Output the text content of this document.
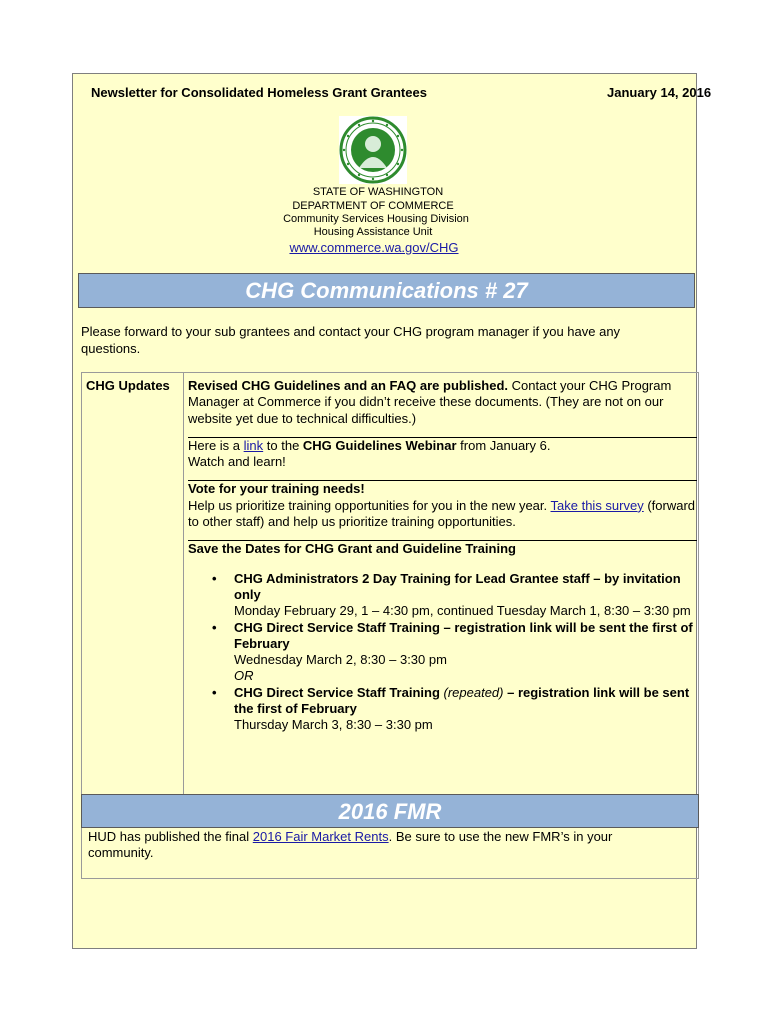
Newsletter for Consolidated Homeless Grant Grantees	January 14, 2016
STATE OF WASHINGTON
DEPARTMENT OF COMMERCE
Community Services Housing Division
Housing Assistance Unit
www.commerce.wa.gov/CHG
CHG Communications # 27
Please forward to your sub grantees and contact your CHG program manager if you have any questions.
CHG Updates Revised CHG Guidelines and an FAQ are published. Contact your CHG Program Manager at Commerce if you didn’t receive these documents. (They are not on our website yet due to technical difficulties.)

Here is a link to the CHG Guidelines Webinar from January 6.

Watch and learn!

Vote for your training needs!

Help us prioritize training opportunities for you in the new year. Take this survey (forward to other staff) and help us prioritize training opportunities.

Save the Dates for CHG Grant and Guideline Training

• CHG Administrators 2 Day Training for Lead Grantee staff – by invitation only
Monday February 29, 1 – 4:30 pm, continued Tuesday March 1, 8:30 – 3:30 pm
• CHG Direct Service Staff Training – registration link will be sent the first of February
Wednesday March 2, 8:30 – 3:30 pm
OR
• CHG Direct Service Staff Training (repeated) – registration link will be sent the first of February
Thursday March 3, 8:30 – 3:30 pm
2016 FMR
HUD has published the final 2016 Fair Market Rents. Be sure to use the new FMR’s in your community.
